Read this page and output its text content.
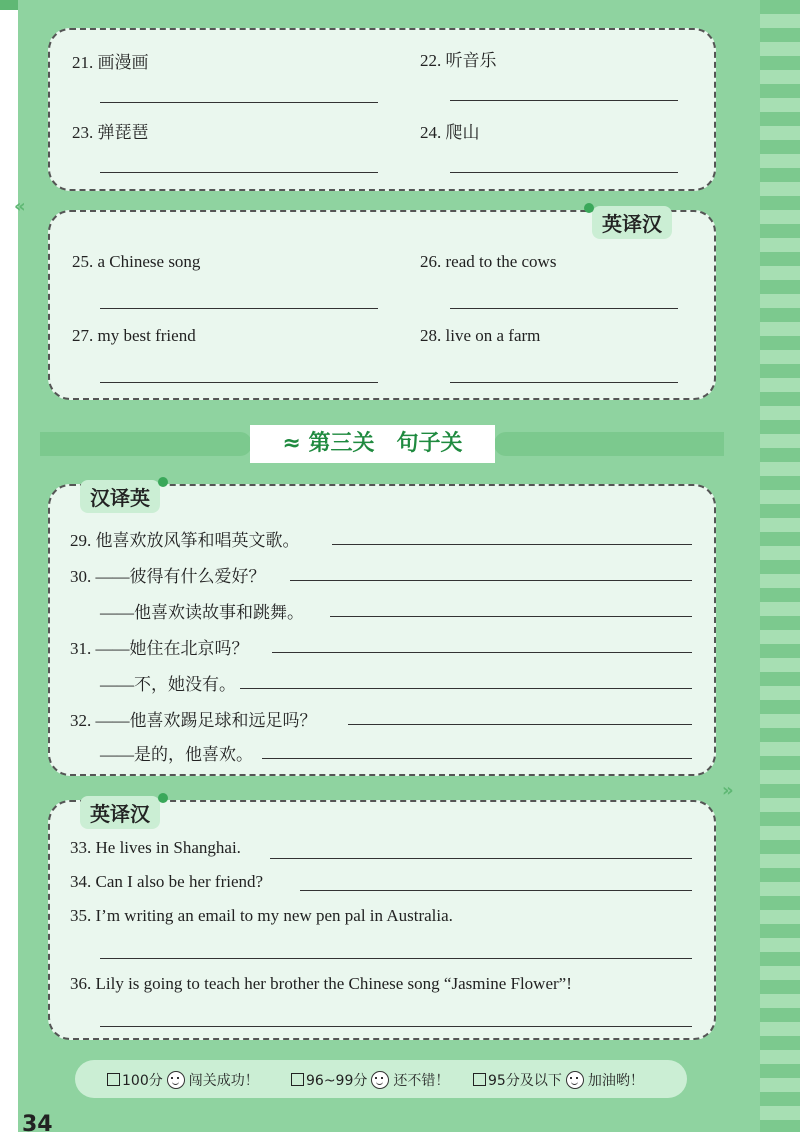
21. 画漫画	22. 听音乐
23. 弹琵琶	24. 爬山
«
25. a Chinese song	26. read to the cows
27. my best friend	28. live on a farm
英译汉
≈ 第三关　句子关
29. 他喜欢放风筝和唱英文歌。
30. ——彼得有什么爱好？
——他喜欢读故事和跳舞。
31. ——她住在北京吗？
——不，她没有。
32. ——他喜欢踢足球和远足吗？
——是的，他喜欢。
汉译英
»
33. He lives in Shanghai.
34. Can I also be her friend?
35. I’m writing an email to my new pen pal in Australia.
36. Lily is going to teach her brother the Chinese song “Jasmine Flower”!
英译汉
100分 闯关成功！	96~99分 还不错！	95分及以下 加油哟！
34
